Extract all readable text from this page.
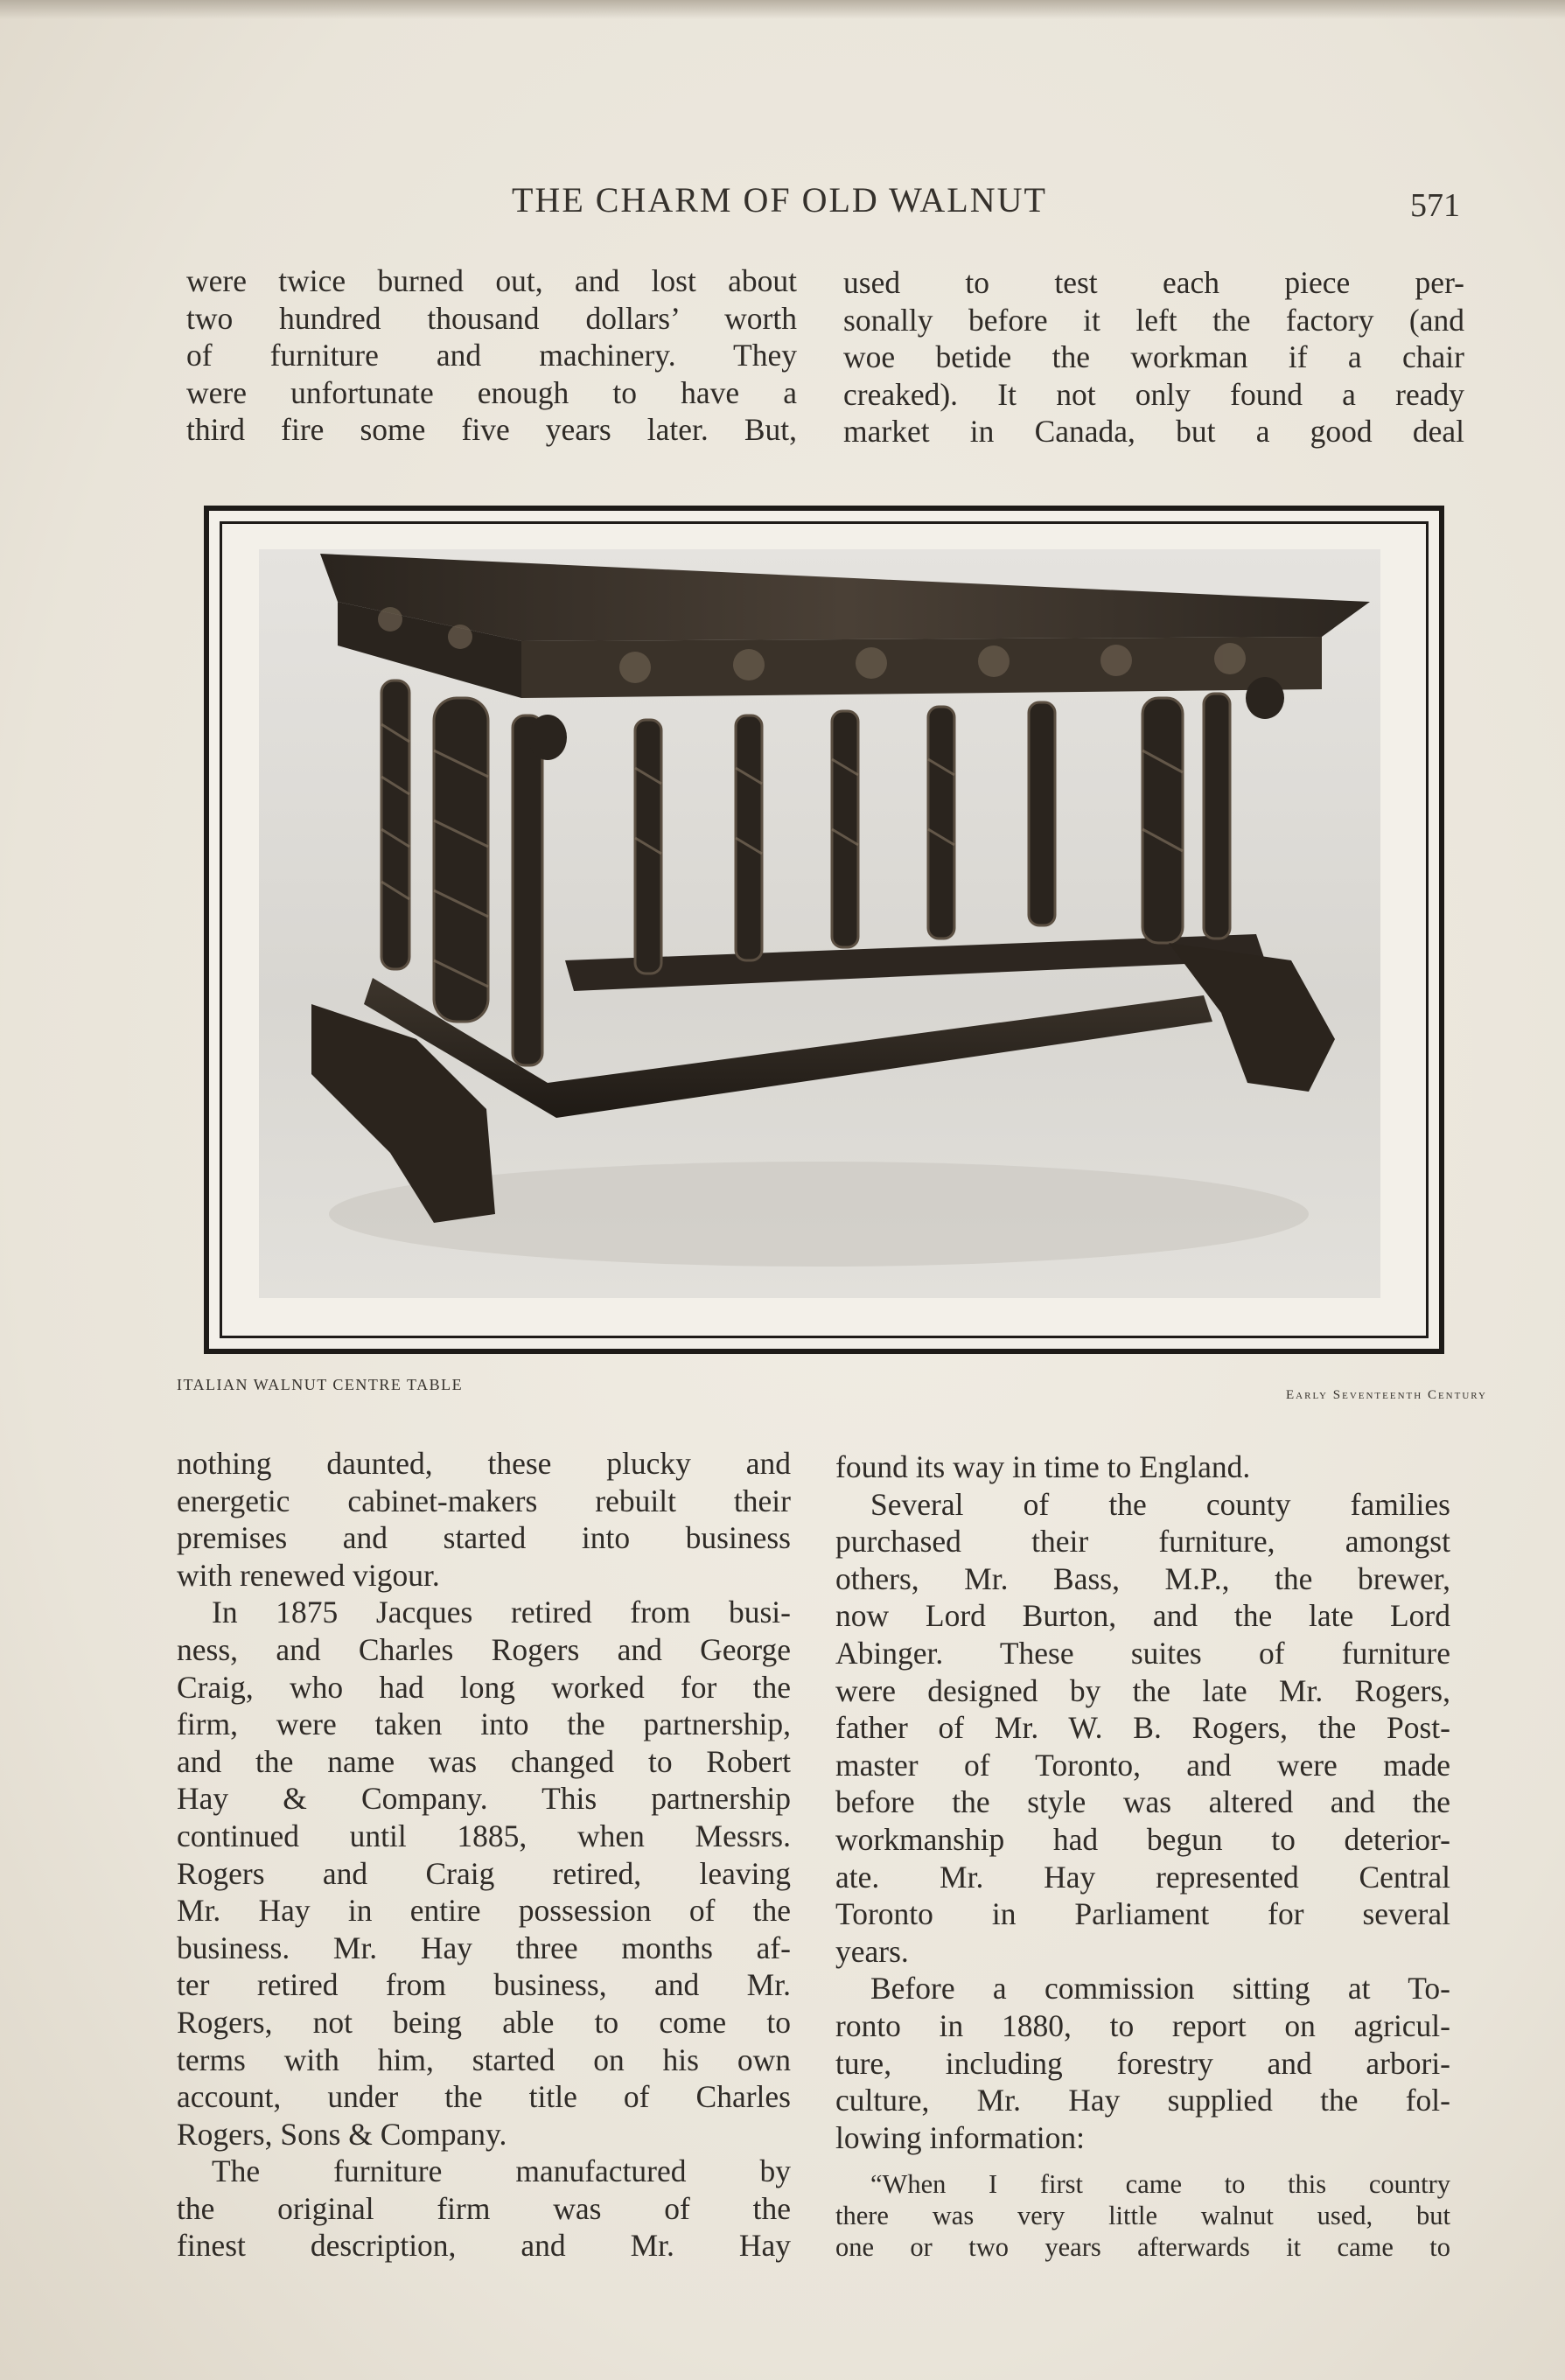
THE CHARM OF OLD WALNUT	571
were twice burned out, and lost about
two hundred thousand dollars’ worth
of furniture and machinery. They
were unfortunate enough to have a
third fire some five years later. But,
used to test each piece per-
sonally before it left the factory (and
woe betide the workman if a chair
creaked). It not only found a ready
market in Canada, but a good deal
ITALIAN WALNUT CENTRE TABLE
Early Seventeenth Century
nothing daunted, these plucky and
energetic cabinet-makers rebuilt their
premises and started into business
with renewed vigour.
In 1875 Jacques retired from busi-
ness, and Charles Rogers and George
Craig, who had long worked for the
firm, were taken into the partnership,
and the name was changed to Robert
Hay & Company. This partnership
continued until 1885, when Messrs.
Rogers and Craig retired, leaving
Mr. Hay in entire possession of the
business. Mr. Hay three months af-
ter retired from business, and Mr.
Rogers, not being able to come to
terms with him, started on his own
account, under the title of Charles
Rogers, Sons & Company.
The furniture manufactured by
the original firm was of the
finest description, and Mr. Hay
found its way in time to England.
Several of the county families
purchased their furniture, amongst
others, Mr. Bass, M.P., the brewer,
now Lord Burton, and the late Lord
Abinger. These suites of furniture
were designed by the late Mr. Rogers,
father of Mr. W. B. Rogers, the Post-
master of Toronto, and were made
before the style was altered and the
workmanship had begun to deterior-
ate. Mr. Hay represented Central
Toronto in Parliament for several
years.
Before a commission sitting at To-
ronto in 1880, to report on agricul-
ture, including forestry and arbori-
culture, Mr. Hay supplied the fol-
lowing information:
“When I first came to this country
there was very little walnut used, but
one or two years afterwards it came to
